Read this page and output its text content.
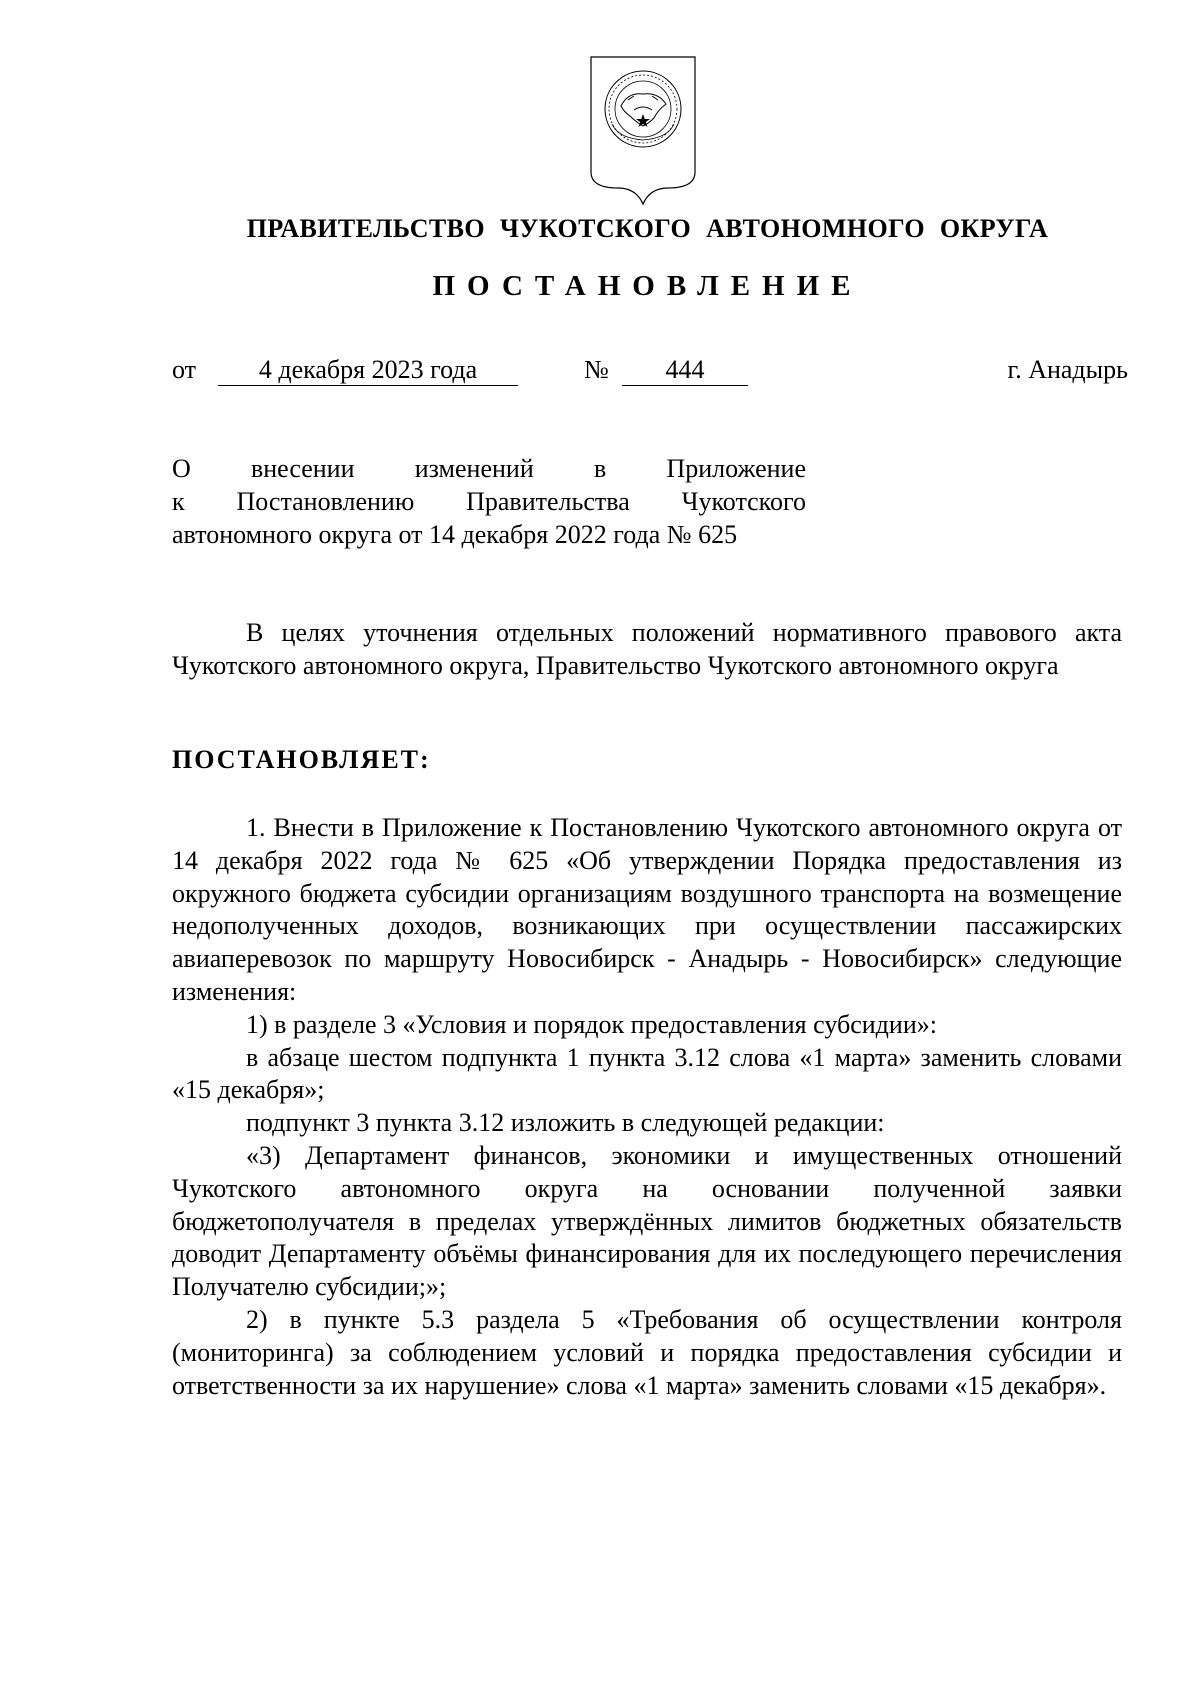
ПРАВИТЕЛЬСТВО ЧУКОТСКОГО АВТОНОМНОГО ОКРУГА
ПОСТАНОВЛЕНИЕ
от	4 декабря 2023 года	№	444	г. Анадырь
О внесении изменений в Приложение
к Постановлению Правительства Чукотского
автономного округа от 14 декабря 2022 года № 625

В целях уточнения отдельных положений нормативного правового акта Чукотского автономного округа, Правительство Чукотского автономного округа

ПОСТАНОВЛЯЕТ:

1. Внести в Приложение к Постановлению Чукотского автономного округа от 14 декабря 2022 года № 625 «Об утверждении Порядка предоставления из окружного бюджета субсидии организациям воздушного транспорта на возмещение недополученных доходов, возникающих при осуществлении пассажирских авиаперевозок по маршруту Новосибирск - Анадырь - Новосибирск» следующие изменения:

1) в разделе 3 «Условия и порядок предоставления субсидии»:

в абзаце шестом подпункта 1 пункта 3.12 слова «1 марта» заменить словами «15 декабря»;

подпункт 3 пункта 3.12 изложить в следующей редакции:

«3) Департамент финансов, экономики и имущественных отношений Чукотского автономного округа на основании полученной заявки бюджетополучателя в пределах утверждённых лимитов бюджетных обязательств доводит Департаменту объёмы финансирования для их последующего перечисления Получателю субсидии;»;

2) в пункте 5.3 раздела 5 «Требования об осуществлении контроля (мониторинга) за соблюдением условий и порядка предоставления субсидии и ответственности за их нарушение» слова «1 марта» заменить словами «15 декабря».
